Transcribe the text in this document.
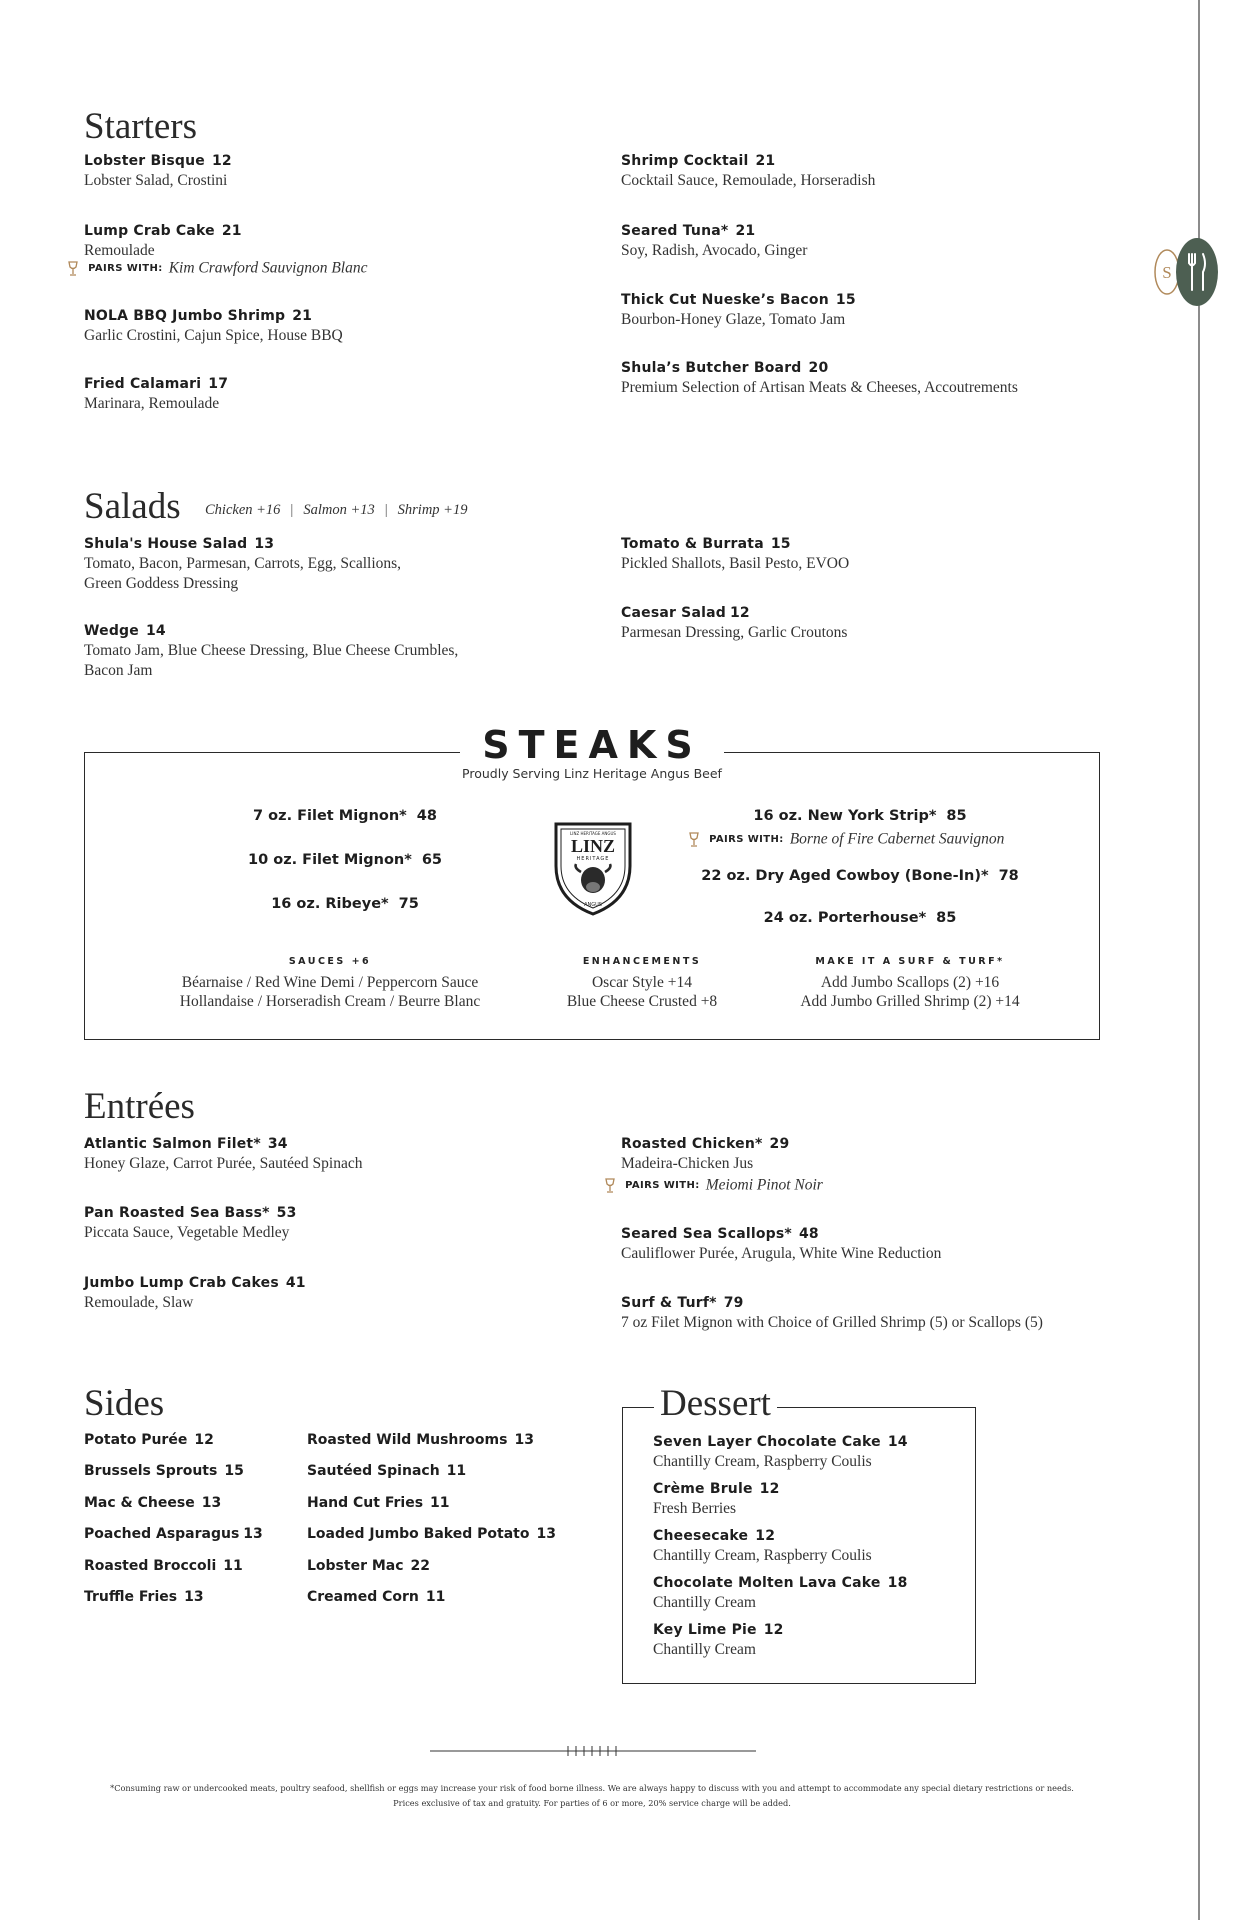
S
Starters
Lobster Bisque 12
Lobster Salad, Crostini
Lump Crab Cake 21
Remoulade
PAIRS WITH: Kim Crawford Sauvignon Blanc
NOLA BBQ Jumbo Shrimp 21
Garlic Crostini, Cajun Spice, House BBQ
Fried Calamari 17
Marinara, Remoulade
Shrimp Cocktail 21
Cocktail Sauce, Remoulade, Horseradish
Seared Tuna* 21
Soy, Radish, Avocado, Ginger
Thick Cut Nueske’s Bacon 15
Bourbon-Honey Glaze, Tomato Jam
Shula’s Butcher Board 20
Premium Selection of Artisan Meats & Cheeses, Accoutrements
Salads Chicken +16 | Salmon +13 | Shrimp +19
Shula's House Salad 13
Tomato, Bacon, Parmesan, Carrots, Egg, Scallions,
Green Goddess Dressing
Wedge 14
Tomato Jam, Blue Cheese Dressing, Blue Cheese Crumbles,
Bacon Jam
Tomato & Burrata 15
Pickled Shallots, Basil Pesto, EVOO
Caesar Salad 12
Parmesan Dressing, Garlic Croutons
STEAKS
Proudly Serving Linz Heritage Angus Beef
7 oz. Filet Mignon* 48
10 oz. Filet Mignon* 65
16 oz. Ribeye* 75
LINZ HERITAGE ANGUS
LINZ
HERITAGE
ANGUS
16 oz. New York Strip* 85
PAIRS WITH: Borne of Fire Cabernet Sauvignon
22 oz. Dry Aged Cowboy (Bone-In)* 78
24 oz. Porterhouse* 85
SAUCES +6
Béarnaise / Red Wine Demi / Peppercorn Sauce
Hollandaise / Horseradish Cream / Beurre Blanc
ENHANCEMENTS
Oscar Style +14
Blue Cheese Crusted +8
MAKE IT A SURF & TURF*
Add Jumbo Scallops (2) +16
Add Jumbo Grilled Shrimp (2) +14
Entrées
Atlantic Salmon Filet* 34
Honey Glaze, Carrot Purée, Sautéed Spinach
Pan Roasted Sea Bass* 53
Piccata Sauce, Vegetable Medley
Jumbo Lump Crab Cakes 41
Remoulade, Slaw
Roasted Chicken* 29
Madeira-Chicken Jus
PAIRS WITH: Meiomi Pinot Noir
Seared Sea Scallops* 48
Cauliflower Purée, Arugula, White Wine Reduction
Surf & Turf* 79
7 oz Filet Mignon with Choice of Grilled Shrimp (5) or Scallops (5)
Sides
Potato Purée 12
Brussels Sprouts 15
Mac & Cheese 13
Poached Asparagus 13
Roasted Broccoli 11
Truffle Fries 13
Roasted Wild Mushrooms 13
Sautéed Spinach 11
Hand Cut Fries 11
Loaded Jumbo Baked Potato 13
Lobster Mac 22
Creamed Corn 11
Dessert
Seven Layer Chocolate Cake 14
Chantilly Cream, Raspberry Coulis
Crème Brule 12
Fresh Berries
Cheesecake 12
Chantilly Cream, Raspberry Coulis
Chocolate Molten Lava Cake 18
Chantilly Cream
Key Lime Pie 12
Chantilly Cream
*Consuming raw or undercooked meats, poultry seafood, shellfish or eggs may increase your risk of food borne illness. We are always happy to discuss with you and attempt to accommodate any special dietary restrictions or needs.
Prices exclusive of tax and gratuity. For parties of 6 or more, 20% service charge will be added.
